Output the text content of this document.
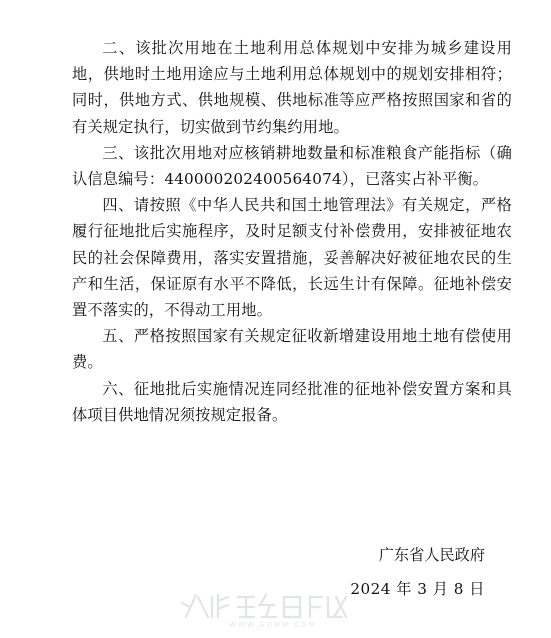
二、该批次用地在土地利用总体规划中安排为城乡建设用地，供地时土地用途应与土地利用总体规划中的规划安排相符；同时，供地方式、供地规模、供地标准等应严格按照国家和省的有关规定执行，切实做到节约集约用地。

三、该批次用地对应核销耕地数量和标准粮食产能指标（确认信息编号：440000202400564074），已落实占补平衡。

四、请按照《中华人民共和国土地管理法》有关规定，严格履行征地批后实施程序，及时足额支付补偿费用，安排被征地农民的社会保障费用，落实安置措施，妥善解决好被征地农民的生产和生活，保证原有水平不降低，长远生计有保障。征地补偿安置不落实的，不得动工用地。

五、严格按照国家有关规定征收新增建设用地土地有偿使用费。

六、征地批后实施情况连同经批准的征地补偿安置方案和具体项目供地情况须按规定报备。

广东省人民政府
2024 年 3 月 8 日
WWW.GDMM.COM
